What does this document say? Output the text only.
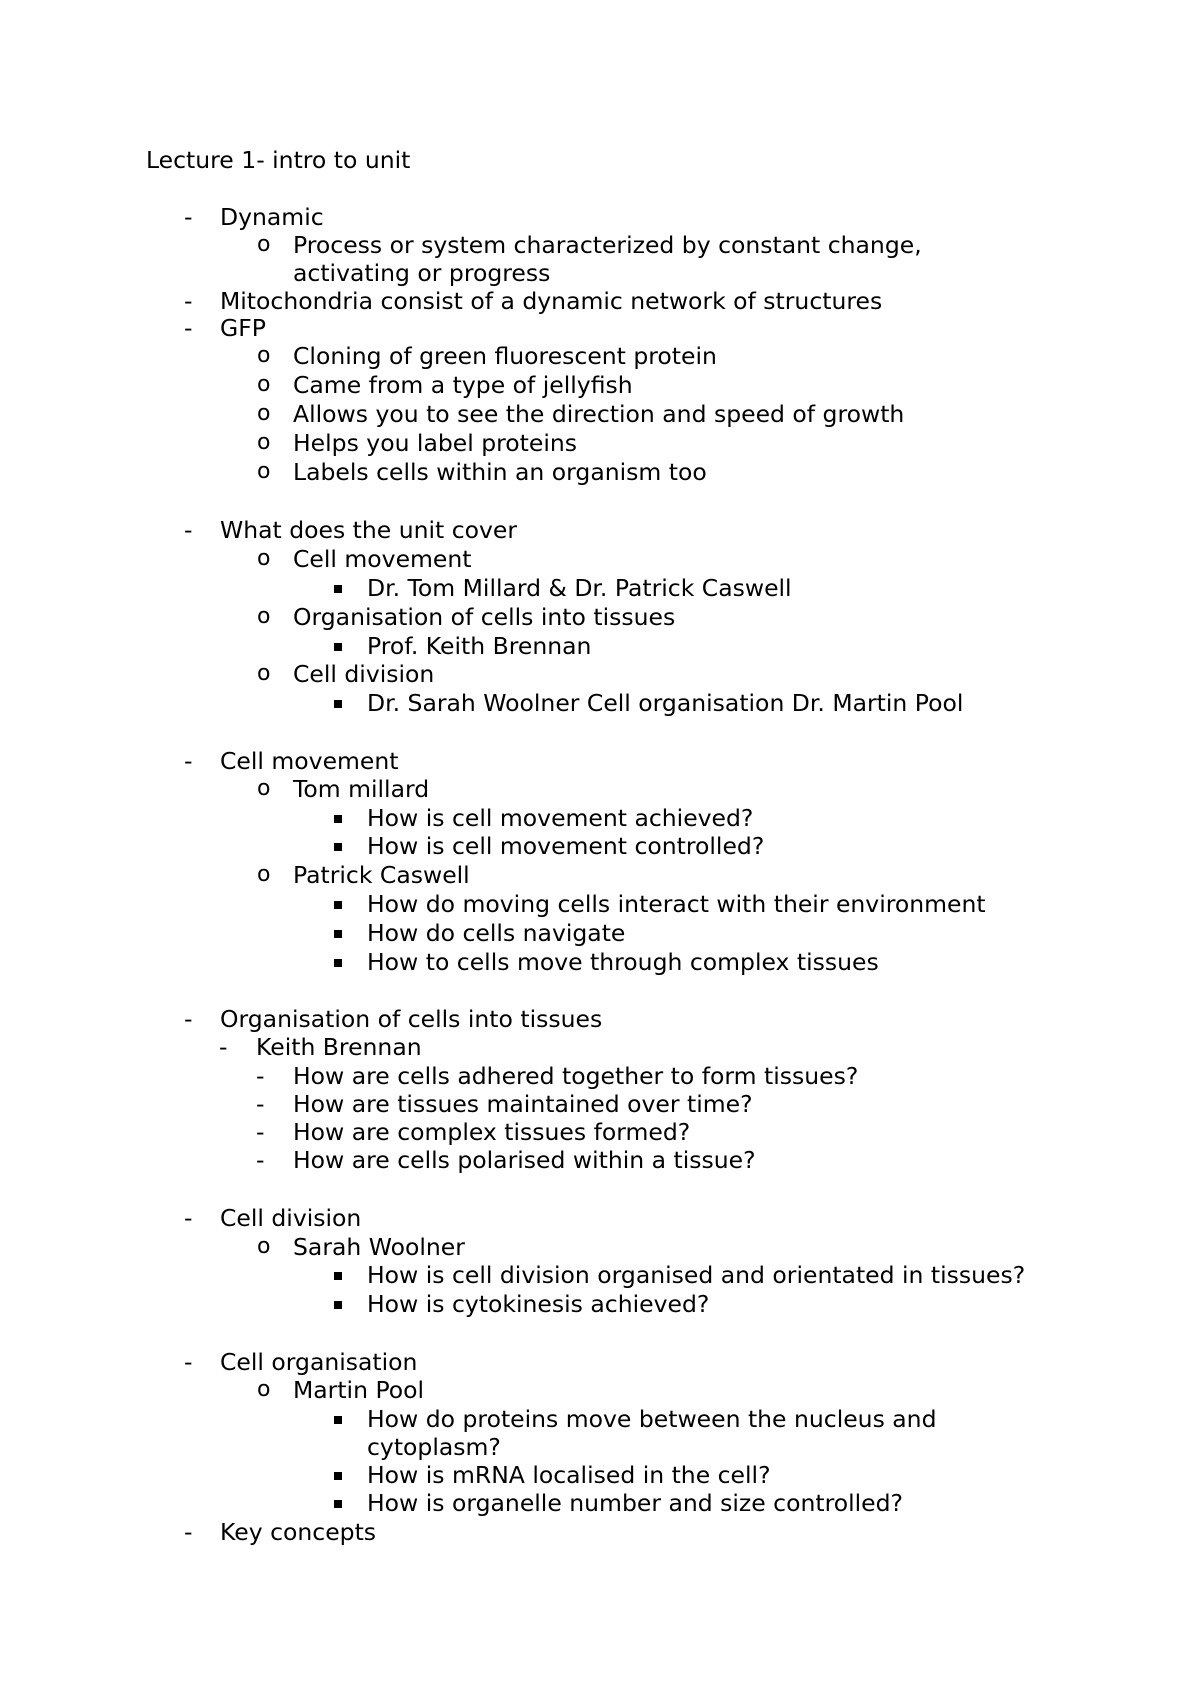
Lecture 1- intro to unit
- Dynamic
o Process or system characterized by constant change,
activating or progress
- Mitochondria consist of a dynamic network of structures
- GFP
o Cloning of green fluorescent protein
o Came from a type of jellyfish
o Allows you to see the direction and speed of growth
o Helps you label proteins
o Labels cells within an organism too
- What does the unit cover
o Cell movement
Dr. Tom Millard & Dr. Patrick Caswell
o Organisation of cells into tissues
Prof. Keith Brennan
o Cell division
Dr. Sarah Woolner Cell organisation Dr. Martin Pool
- Cell movement
o Tom millard
How is cell movement achieved?
How is cell movement controlled?
o Patrick Caswell
How do moving cells interact with their environment
How do cells navigate
How to cells move through complex tissues
- Organisation of cells into tissues
- Keith Brennan
- How are cells adhered together to form tissues?
- How are tissues maintained over time?
- How are complex tissues formed?
- How are cells polarised within a tissue?
- Cell division
o Sarah Woolner
How is cell division organised and orientated in tissues?
How is cytokinesis achieved?
- Cell organisation
o Martin Pool
How do proteins move between the nucleus and
cytoplasm?
How is mRNA localised in the cell?
How is organelle number and size controlled?
- Key concepts
